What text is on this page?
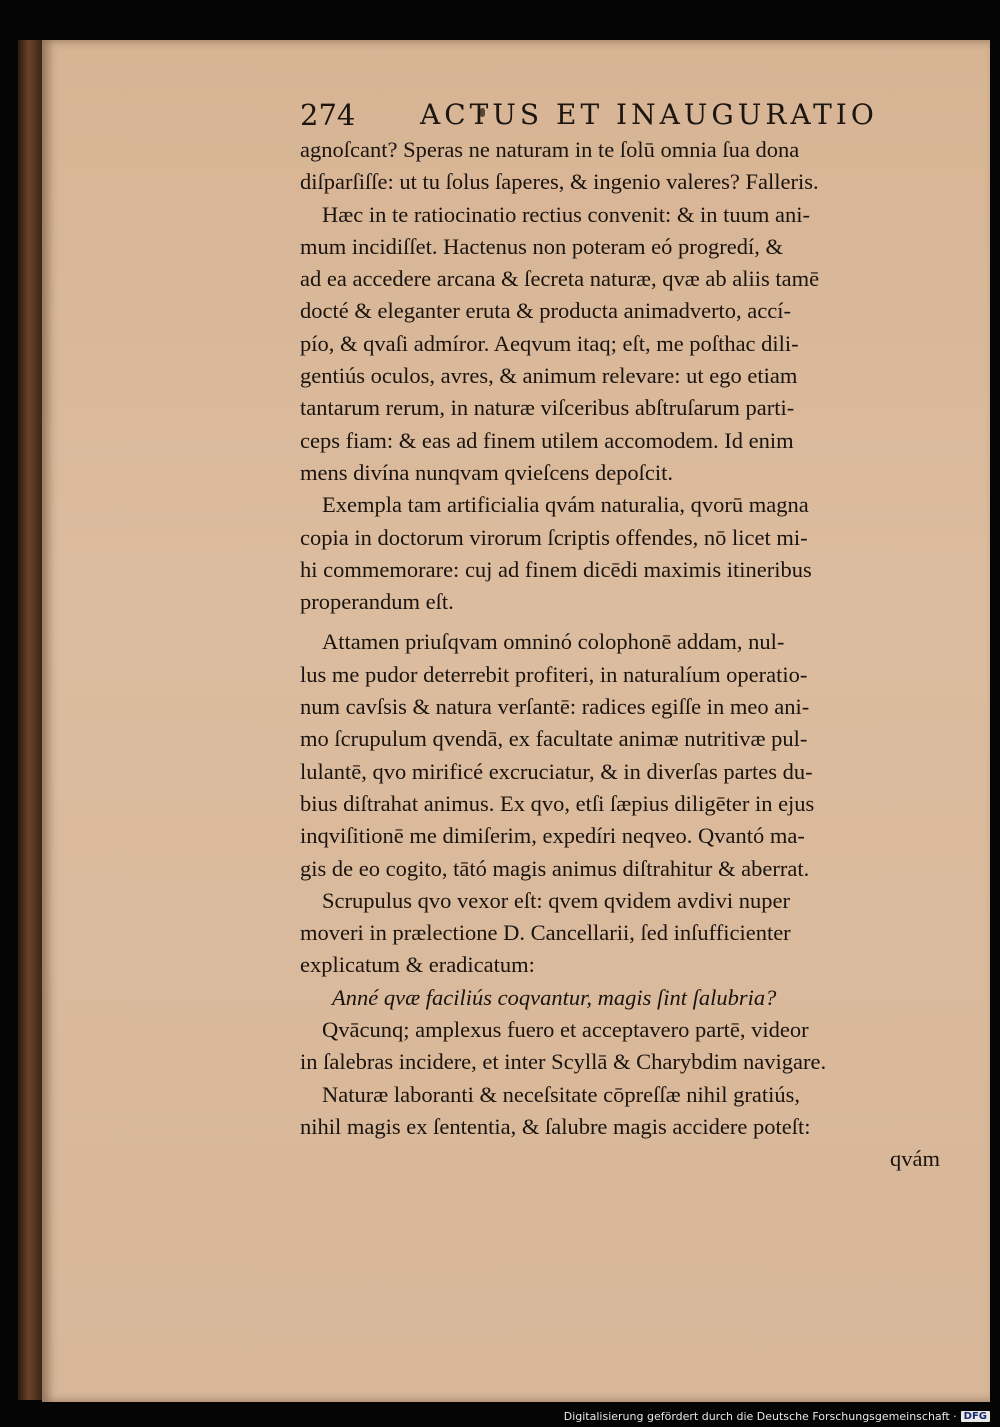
274 ACTUS ET INAUGURATIO
agnoſcant? Speras ne naturam in te ſolū omnia ſua dona
diſparſiſſe: ut tu ſolus ſaperes, & ingenio valeres? Falleris.
Hæc in te ratiocinatio rectius convenit: & in tuum ani-
mum incidiſſet. Hactenus non poteram eó progredí, &
ad ea accedere arcana & ſecreta naturæ, qvæ ab aliis tamē
docté & eleganter eruta & producta animadverto, accí-
pío, & qvaſi admíror. Aeqvum itaq; eſt, me poſthac dili-
gentiús oculos, avres, & animum relevare: ut ego etiam
tantarum rerum, in naturæ viſceribus abſtruſarum parti-
ceps fiam: & eas ad finem utilem accomodem. Id enim
mens divína nunqvam qvieſcens depoſcit.
Exempla tam artificialia qvám naturalia, qvorū magna
copia in doctorum virorum ſcriptis offendes, nō licet mi-
hi commemorare: cuj ad finem dicēdi maximis itineribus
properandum eſt.
Attamen priuſqvam omninó colophonē addam, nul-
lus me pudor deterrebit profiteri, in naturalíum operatio-
num cavſsis & natura verſantē: radices egiſſe in meo ani-
mo ſcrupulum qvendā, ex facultate animæ nutritivæ pul-
lulantē, qvo mirificé excruciatur, & in diverſas partes du-
bius diſtrahat animus. Ex qvo, etſi ſæpius diligēter in ejus
inqviſitionē me dimiſerim, expedíri neqveo. Qvantó ma-
gis de eo cogito, tātó magis animus diſtrahitur & aberrat.
Scrupulus qvo vexor eſt: qvem qvidem avdivi nuper
moveri in prælectione D. Cancellarii, ſed inſufficienter
explicatum & eradicatum:
Anné qvæ faciliús coqvantur, magis ſint ſalubria?
Qvācunq; amplexus fuero et acceptavero partē, videor
in ſalebras incidere, et inter Scyllā & Charybdim navigare.
Naturæ laboranti & neceſsitate cōpreſſæ nihil gratiús,
nihil magis ex ſententia, & ſalubre magis accidere poteſt:
qvám
Digitalisierung gefördert durch die Deutsche Forschungsgemeinschaft · DFG
